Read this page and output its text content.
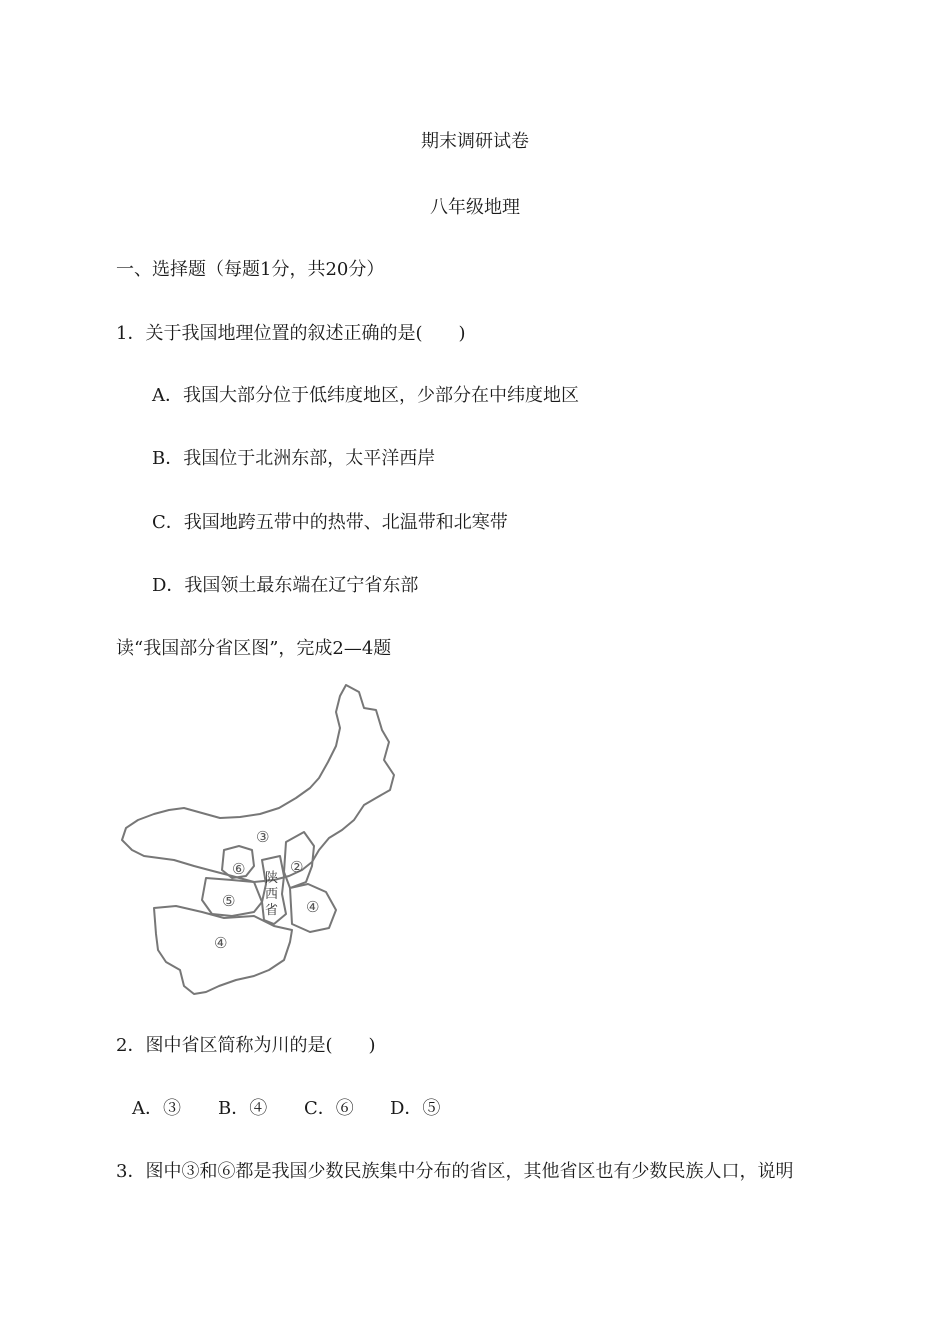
期末调研试卷
八年级地理
一、选择题（每题1分，共20分）
1．关于我国地理位置的叙述正确的是(　　)
A．我国大部分位于低纬度地区，少部分在中纬度地区
B．我国位于北洲东部，太平洋西岸
C．我国地跨五带中的热带、北温带和北寒带
D．我国领土最东端在辽宁省东部
读“我国部分省区图”，完成2—4题
③
②
⑥
⑤	④
④
陕
西
省
2．图中省区简称为川的是(　　)
A．③ B．④ C．⑥ D．⑤
3．图中③和⑥都是我国少数民族集中分布的省区，其他省区也有少数民族人口，说明
